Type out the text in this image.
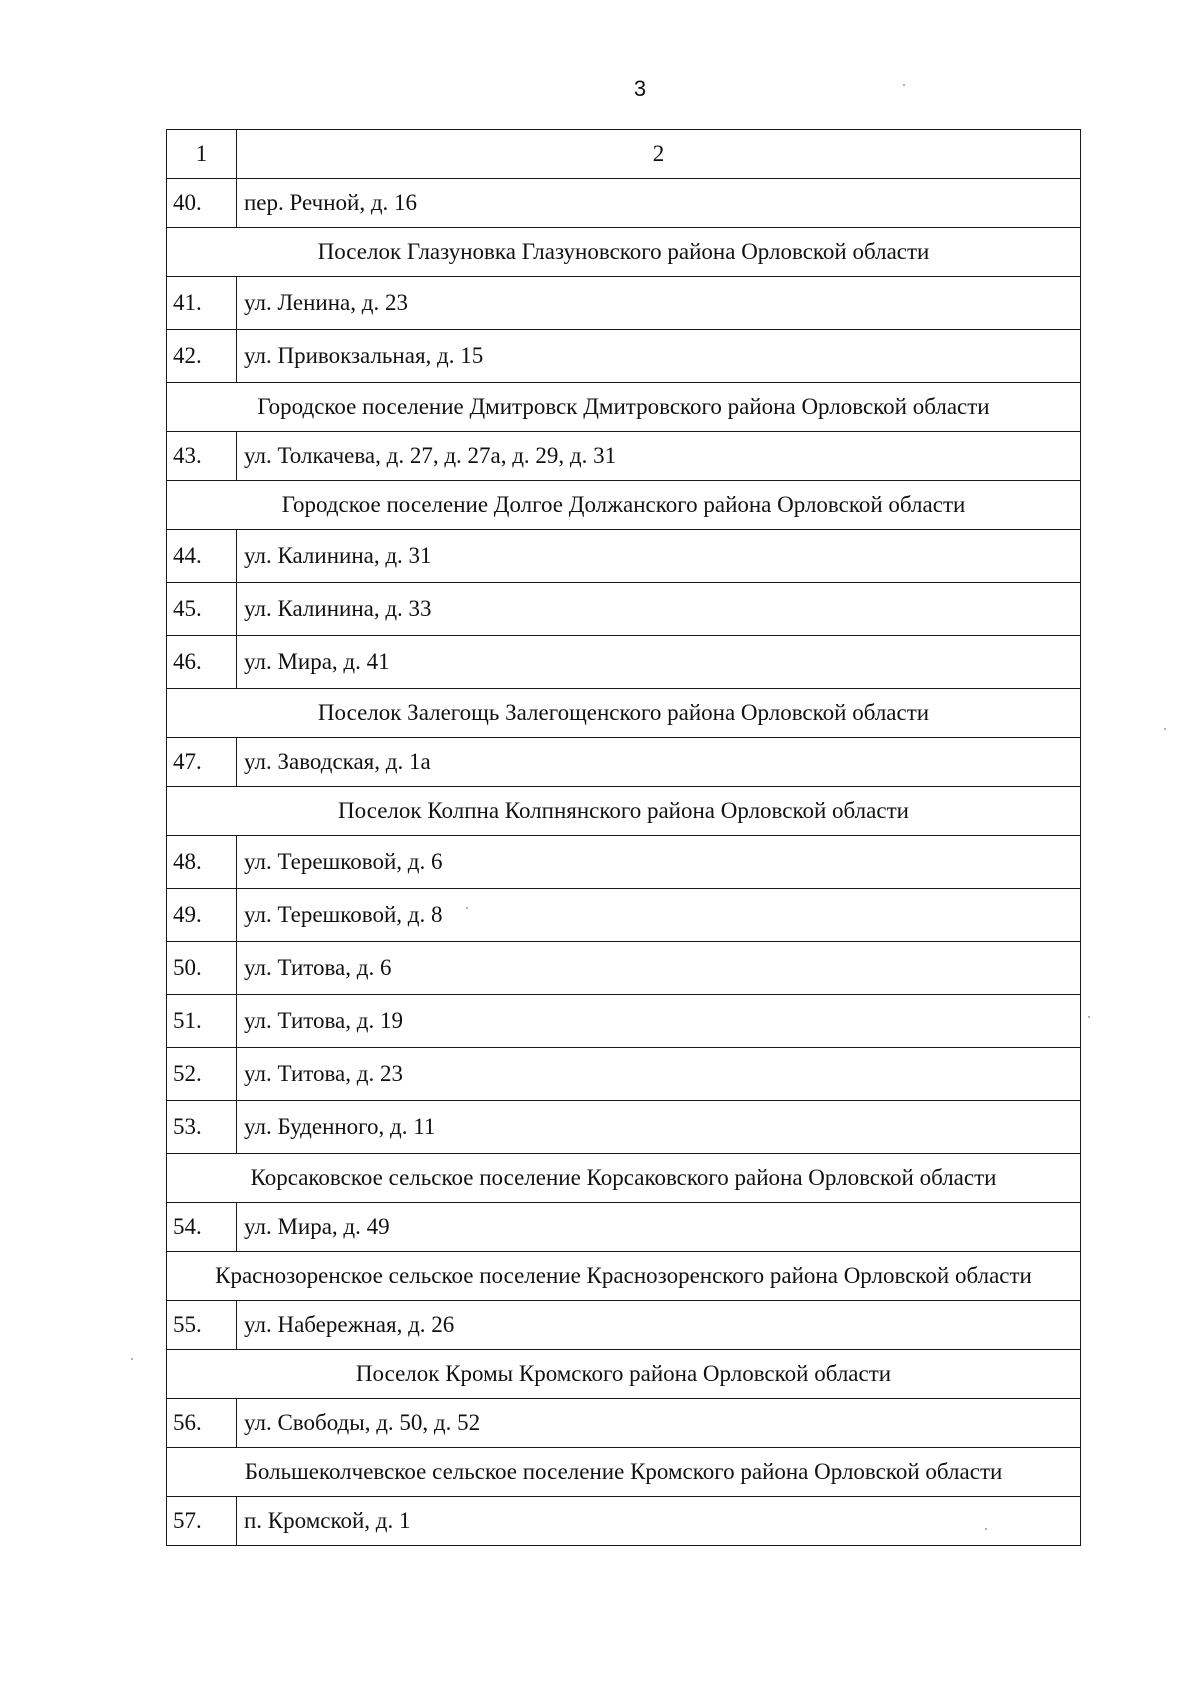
3
1	2
40.	пер. Речной, д. 16
Поселок Глазуновка Глазуновского района Орловской области	
41.	ул. Ленина, д. 23
42.	ул. Привокзальная, д. 15
Городское поселение Дмитровск Дмитровского района Орловской области	
43.	ул. Толкачева, д. 27, д. 27а, д. 29, д. 31
Городское поселение Долгое Должанского района Орловской области	
44.	ул. Калинина, д. 31
45.	ул. Калинина, д. 33
46.	ул. Мира, д. 41
Поселок Залегощь Залегощенского района Орловской области	
47.	ул. Заводская, д. 1а
Поселок Колпна Колпнянского района Орловской области	
48.	ул. Терешковой, д. 6
49.	ул. Терешковой, д. 8
50.	ул. Титова, д. 6
51.	ул. Титова, д. 19
52.	ул. Титова, д. 23
53.	ул. Буденного, д. 11
Корсаковское сельское поселение Корсаковского района Орловской области	
54.	ул. Мира, д. 49
Краснозоренское сельское поселение Краснозоренского района Орловской области	
55.	ул. Набережная, д. 26
Поселок Кромы Кромского района Орловской области	
56.	ул. Свободы, д. 50, д. 52
Большеколчевское сельское поселение Кромского района Орловской области	
57.	п. Кромской, д. 1
